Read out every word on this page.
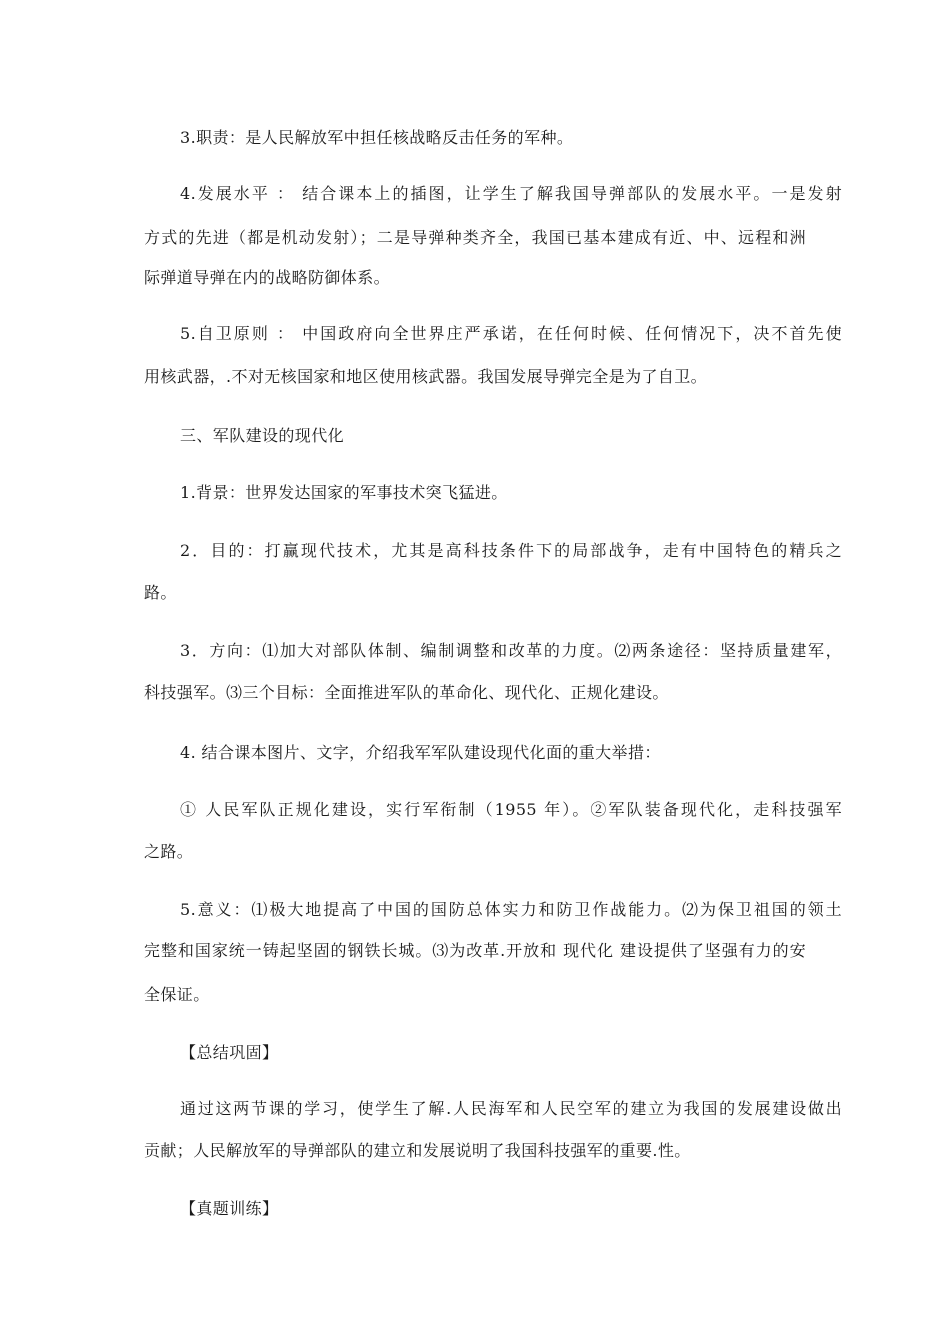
3.职责：是人民解放军中担任核战略反击任务的军种。
4.发展水平 ： 结合课本上的插图，让学生了解我国导弹部队的发展水平。一是发射
方式的先进（都是机动发射）；二是导弹种类齐全，我国已基本建成有近、中、远程和洲
际弹道导弹在内的战略防御体系。
5.自卫原则 ： 中国政府向全世界庄严承诺，在任何时候、任何情况下，决不首先使
用核武器，.不对无核国家和地区使用核武器。我国发展导弹完全是为了自卫。
三、军队建设的现代化
1.背景：世界发达国家的军事技术突飞猛进。
2．目的：打赢现代技术，尤其是高科技条件下的局部战争，走有中国特色的精兵之
路。
3．方向：⑴加大对部队体制、编制调整和改革的力度。⑵两条途径：坚持质量建军，
科技强军。⑶三个目标：全面推进军队的革命化、现代化、正规化建设。
4. 结合课本图片、文字，介绍我军军队建设现代化面的重大举措：
① 人民军队正规化建设，实行军衔制（1955 年）。②军队装备现代化，走科技强军
之路。
5.意义：⑴极大地提高了中国的国防总体实力和防卫作战能力。⑵为保卫祖国的领土
完整和国家统一铸起坚固的钢铁长城。⑶为改革.开放和 现代化 建设提供了坚强有力的安
全保证。
【总结巩固】
通过这两节课的学习，使学生了解.人民海军和人民空军的建立为我国的发展建设做出
贡献；人民解放军的导弹部队的建立和发展说明了我国科技强军的重要.性。
【真题训练】
